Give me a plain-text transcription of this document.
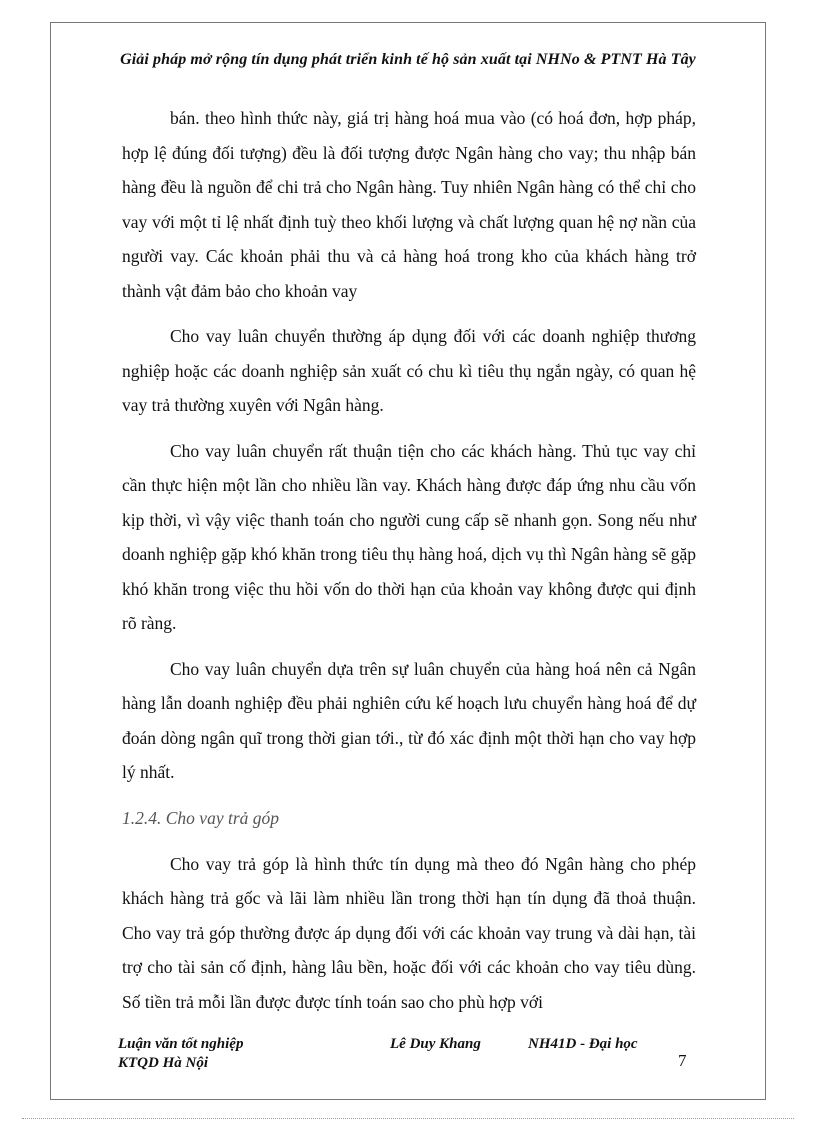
Giải pháp mở rộng tín dụng phát triển kinh tế hộ sản xuất tại NHNo & PTNT Hà Tây

bán. theo hình thức này, giá trị hàng hoá mua vào (có hoá đơn, hợp pháp, hợp lệ đúng đối tượng) đều là đối tượng được Ngân hàng cho vay; thu nhập bán hàng đều là nguồn để chi trả cho Ngân hàng. Tuy nhiên Ngân hàng có thể chỉ cho vay với một tỉ lệ nhất định tuỳ theo khối lượng và chất lượng quan hệ nợ nần của người vay. Các khoản phải thu và cả hàng hoá trong kho của khách hàng trở thành vật đảm bảo cho khoản vay

Cho vay luân chuyển thường áp dụng đối với các doanh nghiệp thương nghiệp hoặc các doanh nghiệp sản xuất có chu kì tiêu thụ ngắn ngày, có quan hệ vay trả thường xuyên với Ngân hàng.

Cho vay luân chuyển rất thuận tiện cho các khách hàng. Thủ tục vay chỉ cần thực hiện một lần cho nhiều lần vay. Khách hàng được đáp ứng nhu cầu vốn kịp thời, vì vậy việc thanh toán cho người cung cấp sẽ nhanh gọn. Song nếu như doanh nghiệp gặp khó khăn trong tiêu thụ hàng hoá, dịch vụ thì Ngân hàng sẽ gặp khó khăn trong việc thu hồi vốn do thời hạn của khoản vay không được qui định rõ ràng.

Cho vay luân chuyển dựa trên sự luân chuyển của hàng hoá nên cả Ngân hàng lẫn doanh nghiệp đều phải nghiên cứu kế hoạch lưu chuyển hàng hoá để dự đoán dòng ngân quĩ trong thời gian tới., từ đó xác định một thời hạn cho vay hợp lý nhất.

1.2.4. Cho vay trả góp

Cho vay trả góp là hình thức tín dụng mà theo đó Ngân hàng cho phép khách hàng trả gốc và lãi làm nhiều lần trong thời hạn tín dụng đã thoả thuận. Cho vay trả góp thường được áp dụng đối với các khoản vay trung và dài hạn, tài trợ cho tài sản cố định, hàng lâu bền, hoặc đối với các khoản cho vay tiêu dùng. Số tiền trả mỗi lần được được tính toán sao cho phù hợp với

Luận văn tốt nghiệp
KTQD Hà Nội
Lê Duy Khang	NH41D - Đại học
7
